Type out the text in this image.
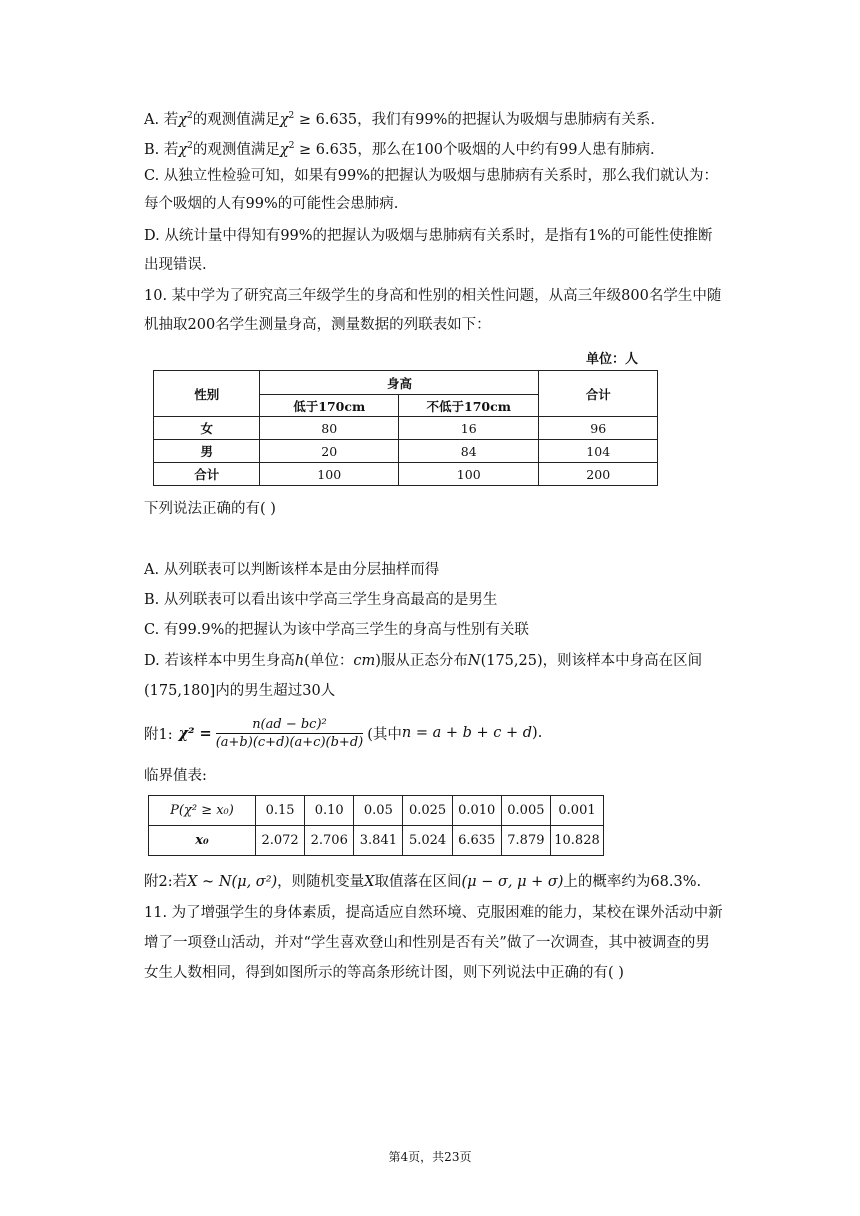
A. 若$\chi^2$的观测值满足$\chi^2 \ge 6.635$，我们有99%的把握认为吸烟与患肺病有关系.
B. 若$\chi^2$的观测值满足$\chi^2 \ge 6.635$，那么在100个吸烟的人中约有99人患有肺病.
C. 从独立性检验可知，如果有99%的把握认为吸烟与患肺病有关系时，那么我们就认为：
每个吸烟的人有99%的可能性会患肺病.
D. 从统计量中得知有99%的把握认为吸烟与患肺病有关系时，是指有1%的可能性使推断
出现错误.
10. 某中学为了研究高三年级学生的身高和性别的相关性问题，从高三年级800名学生中随
机抽取200名学生测量身高，测量数据的列联表如下：
单位：人
性别	身高		合计
	低于170cm	不低于170cm	
女	80	16	96
男	20	84	104
合计	100	100	200
下列说法正确的有( )
A. 从列联表可以判断该样本是由分层抽样而得
B. 从列联表可以看出该中学高三学生身高最高的是男生
C. 有99.9%的把握认为该中学高三学生的身高与性别有关联
D. 若该样本中男生身高h(单位：cm)服从正态分布N(175,25)，则该样本中身高在区间
(175,180]内的男生超过30人
附1: $\chi^2 = \frac{\text{n(ad − bc)²}}{(a+b)(c+d)(a+c)(b+d)}$ (其中 n = a + b + c + d ).
临界值表:
P(χ² ≥ x₀)	0.15	0.10	0.05	0.025	0.010	0.005	0.001
x₀	2.072	2.706	3.841	5.024	6.635	7.879	10.828
附2:若X ~ N(μ, σ²)，则随机变量X取值落在区间(μ − σ, μ + σ)上的概率约为68.3%.
11. 为了增强学生的身体素质，提高适应自然环境、克服困难的能力，某校在课外活动中新
增了一项登山活动，并对“学生喜欢登山和性别是否有关”做了一次调查，其中被调查的男
女生人数相同，得到如图所示的等高条形统计图，则下列说法中正确的有( )
第4页，共23页
